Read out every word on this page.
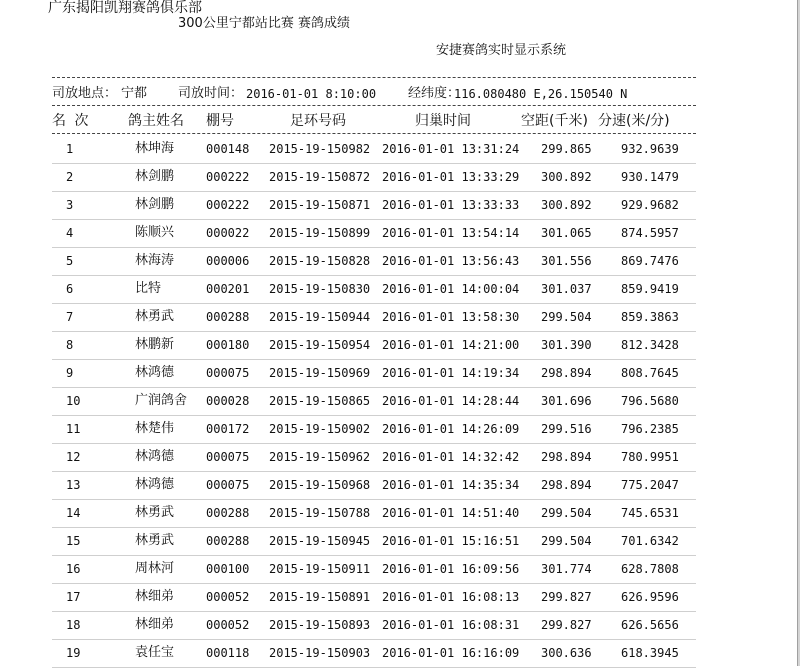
广东揭阳凯翔赛鸽俱乐部
300公里宁都站比赛 赛鸽成绩
安捷赛鸽实时显示系统
司放地点： 宁都 司放时间： 2016-01-01 8:10:00 经纬度：
116.080480 E,26.150540 N
名 次	鸽主姓名 棚号	足环号码	归巢时间	空距(千米) 分速(米/分)
1	林坤海	000148 2015-19-150982 2016-01-01 13:31:24 299.865 932.9639
2	林剑鹏	000222 2015-19-150872 2016-01-01 13:33:29 300.892 930.1479
3	林剑鹏	000222 2015-19-150871 2016-01-01 13:33:33 300.892 929.9682
4	陈顺兴	000022 2015-19-150899 2016-01-01 13:54:14 301.065 874.5957
5	林海涛	000006 2015-19-150828 2016-01-01 13:56:43 301.556 869.7476
6	比特	000201 2015-19-150830 2016-01-01 14:00:04 301.037 859.9419
7	林勇武	000288 2015-19-150944 2016-01-01 13:58:30 299.504 859.3863
8	林鹏新	000180 2015-19-150954 2016-01-01 14:21:00 301.390 812.3428
9	林鸿德	000075 2015-19-150969 2016-01-01 14:19:34 298.894 808.7645
10	广润鸽舍 000028 2015-19-150865 2016-01-01 14:28:44 301.696 796.5680
11	林楚伟	000172 2015-19-150902 2016-01-01 14:26:09 299.516 796.2385
12	林鸿德	000075 2015-19-150962 2016-01-01 14:32:42 298.894 780.9951
13	林鸿德	000075 2015-19-150968 2016-01-01 14:35:34 298.894 775.2047
14	林勇武	000288 2015-19-150788 2016-01-01 14:51:40 299.504 745.6531
15	林勇武	000288 2015-19-150945 2016-01-01 15:16:51 299.504 701.6342
16	周林河	000100 2015-19-150911 2016-01-01 16:09:56 301.774 628.7808
17	林细弟	000052 2015-19-150891 2016-01-01 16:08:13 299.827 626.9596
18	林细弟	000052 2015-19-150893 2016-01-01 16:08:31 299.827 626.5656
19	袁任宝	000118 2015-19-150903 2016-01-01 16:16:09 300.636 618.3945
